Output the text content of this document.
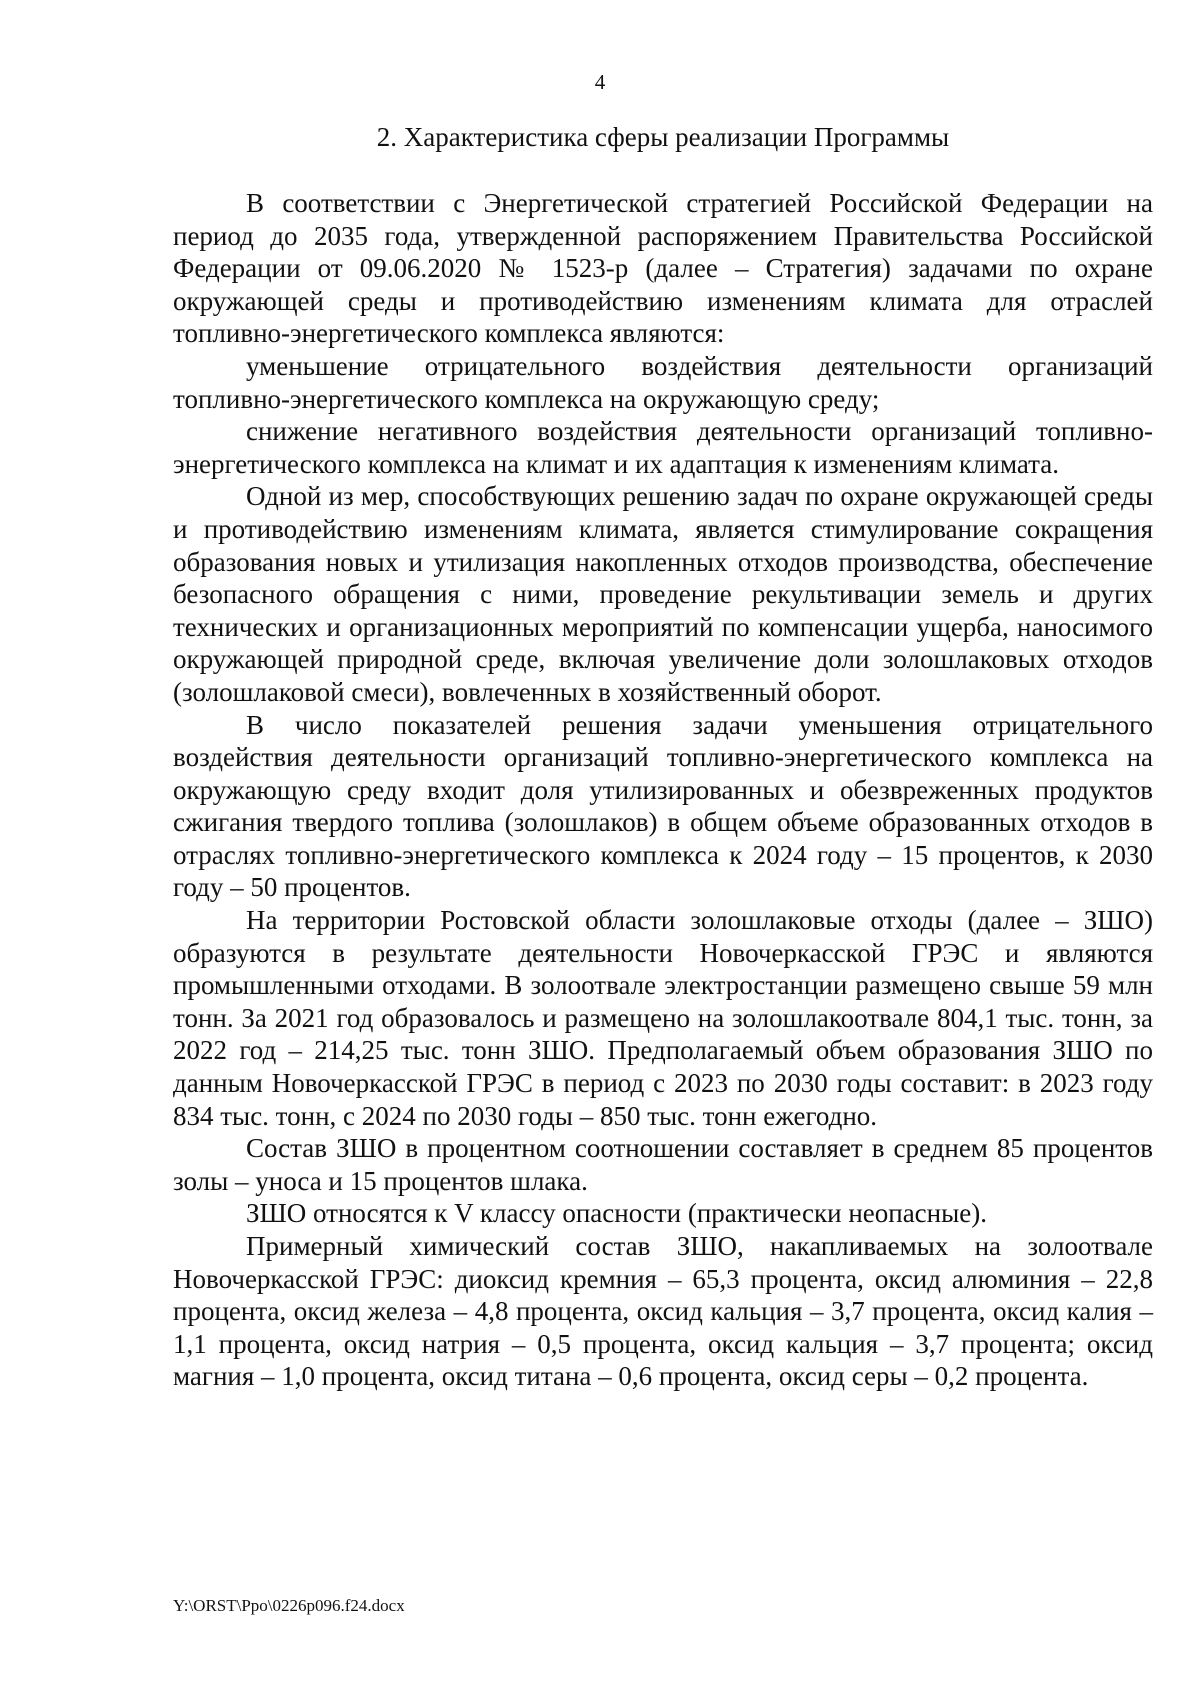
4
2. Характеристика сферы реализации Программы

В соответствии с Энергетической стратегией Российской Федерации на период до 2035 года, утвержденной распоряжением Правительства Российской Федерации от 09.06.2020 № 1523-р (далее – Стратегия) задачами по охране окружающей среды и противодействию изменениям климата для отраслей топливно-энергетического комплекса являются:

уменьшение отрицательного воздействия деятельности организаций топливно-энергетического комплекса на окружающую среду;

снижение негативного воздействия деятельности организаций топливно-энергетического комплекса на климат и их адаптация к изменениям климата.

Одной из мер, способствующих решению задач по охране окружающей среды и противодействию изменениям климата, является стимулирование сокращения образования новых и утилизация накопленных отходов производства, обеспечение безопасного обращения с ними, проведение рекультивации земель и других технических и организационных мероприятий по компенсации ущерба, наносимого окружающей природной среде, включая увеличение доли золошлаковых отходов (золошлаковой смеси), вовлеченных в хозяйственный оборот.

В число показателей решения задачи уменьшения отрицательного воздействия деятельности организаций топливно-энергетического комплекса на окружающую среду входит доля утилизированных и обезвреженных продуктов сжигания твердого топлива (золошлаков) в общем объеме образованных отходов в отраслях топливно-энергетического комплекса к 2024 году – 15 процентов, к 2030 году – 50 процентов.

На территории Ростовской области золошлаковые отходы (далее – ЗШО) образуются в результате деятельности Новочеркасской ГРЭС и являются промышленными отходами. В золоотвале электростанции размещено свыше 59 млн тонн. За 2021 год образовалось и размещено на золошлакоотвале 804,1 тыс. тонн, за 2022 год – 214,25 тыс. тонн ЗШО. Предполагаемый объем образования ЗШО по данным Новочеркасской ГРЭС в период с 2023 по 2030 годы составит: в 2023 году 834 тыс. тонн, с 2024 по 2030 годы – 850 тыс. тонн ежегодно.

Состав ЗШО в процентном соотношении составляет в среднем 85 процентов золы – уноса и 15 процентов шлака.

ЗШО относятся к V классу опасности (практически неопасные).

Примерный химический состав ЗШО, накапливаемых на золоотвале Новочеркасской ГРЭС: диоксид кремния – 65,3 процента, оксид алюминия – 22,8 процента, оксид железа – 4,8 процента, оксид кальция – 3,7 процента, оксид калия – 1,1 процента, оксид натрия – 0,5 процента, оксид кальция – 3,7 процента; оксид магния – 1,0 процента, оксид титана – 0,6 процента, оксид серы – 0,2 процента.

Y:\ORST\Ppo\0226p096.f24.docx
